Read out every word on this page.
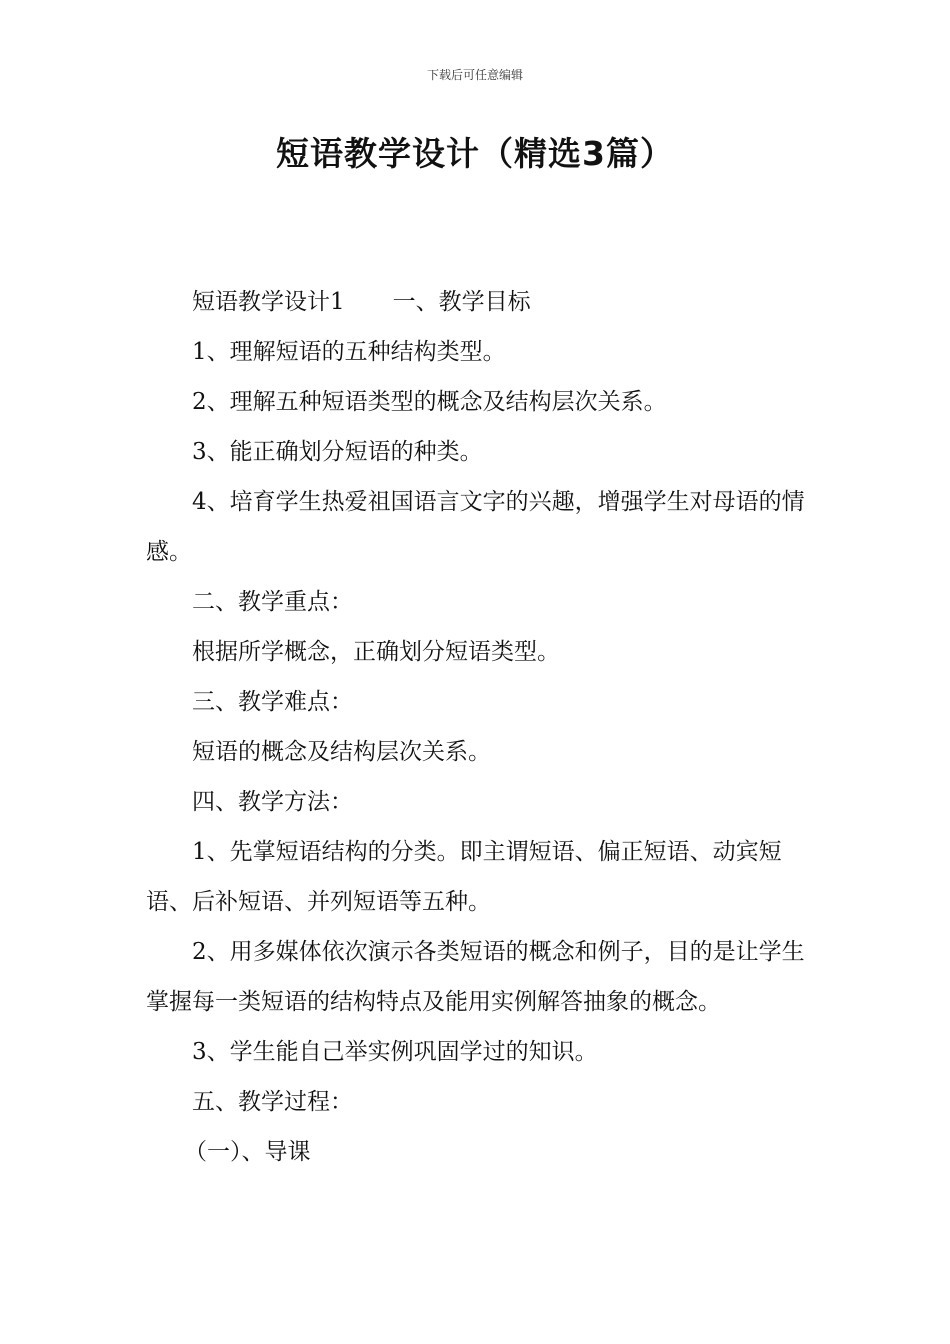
下载后可任意编辑
短语教学设计（精选3篇）

短语教学设计1 一、教学目标

1、理解短语的五种结构类型。

2、理解五种短语类型的概念及结构层次关系。

3、能正确划分短语的种类。

4、培育学生热爱祖国语言文字的兴趣，增强学生对母语的情感。

二、教学重点：

根据所学概念，正确划分短语类型。

三、教学难点：

短语的概念及结构层次关系。

四、教学方法：

1、先掌短语结构的分类。即主谓短语、偏正短语、动宾短语、后补短语、并列短语等五种。

2、用多媒体依次演示各类短语的概念和例子，目的是让学生掌握每一类短语的结构特点及能用实例解答抽象的概念。

3、学生能自己举实例巩固学过的知识。

五、教学过程：

（一）、导课
